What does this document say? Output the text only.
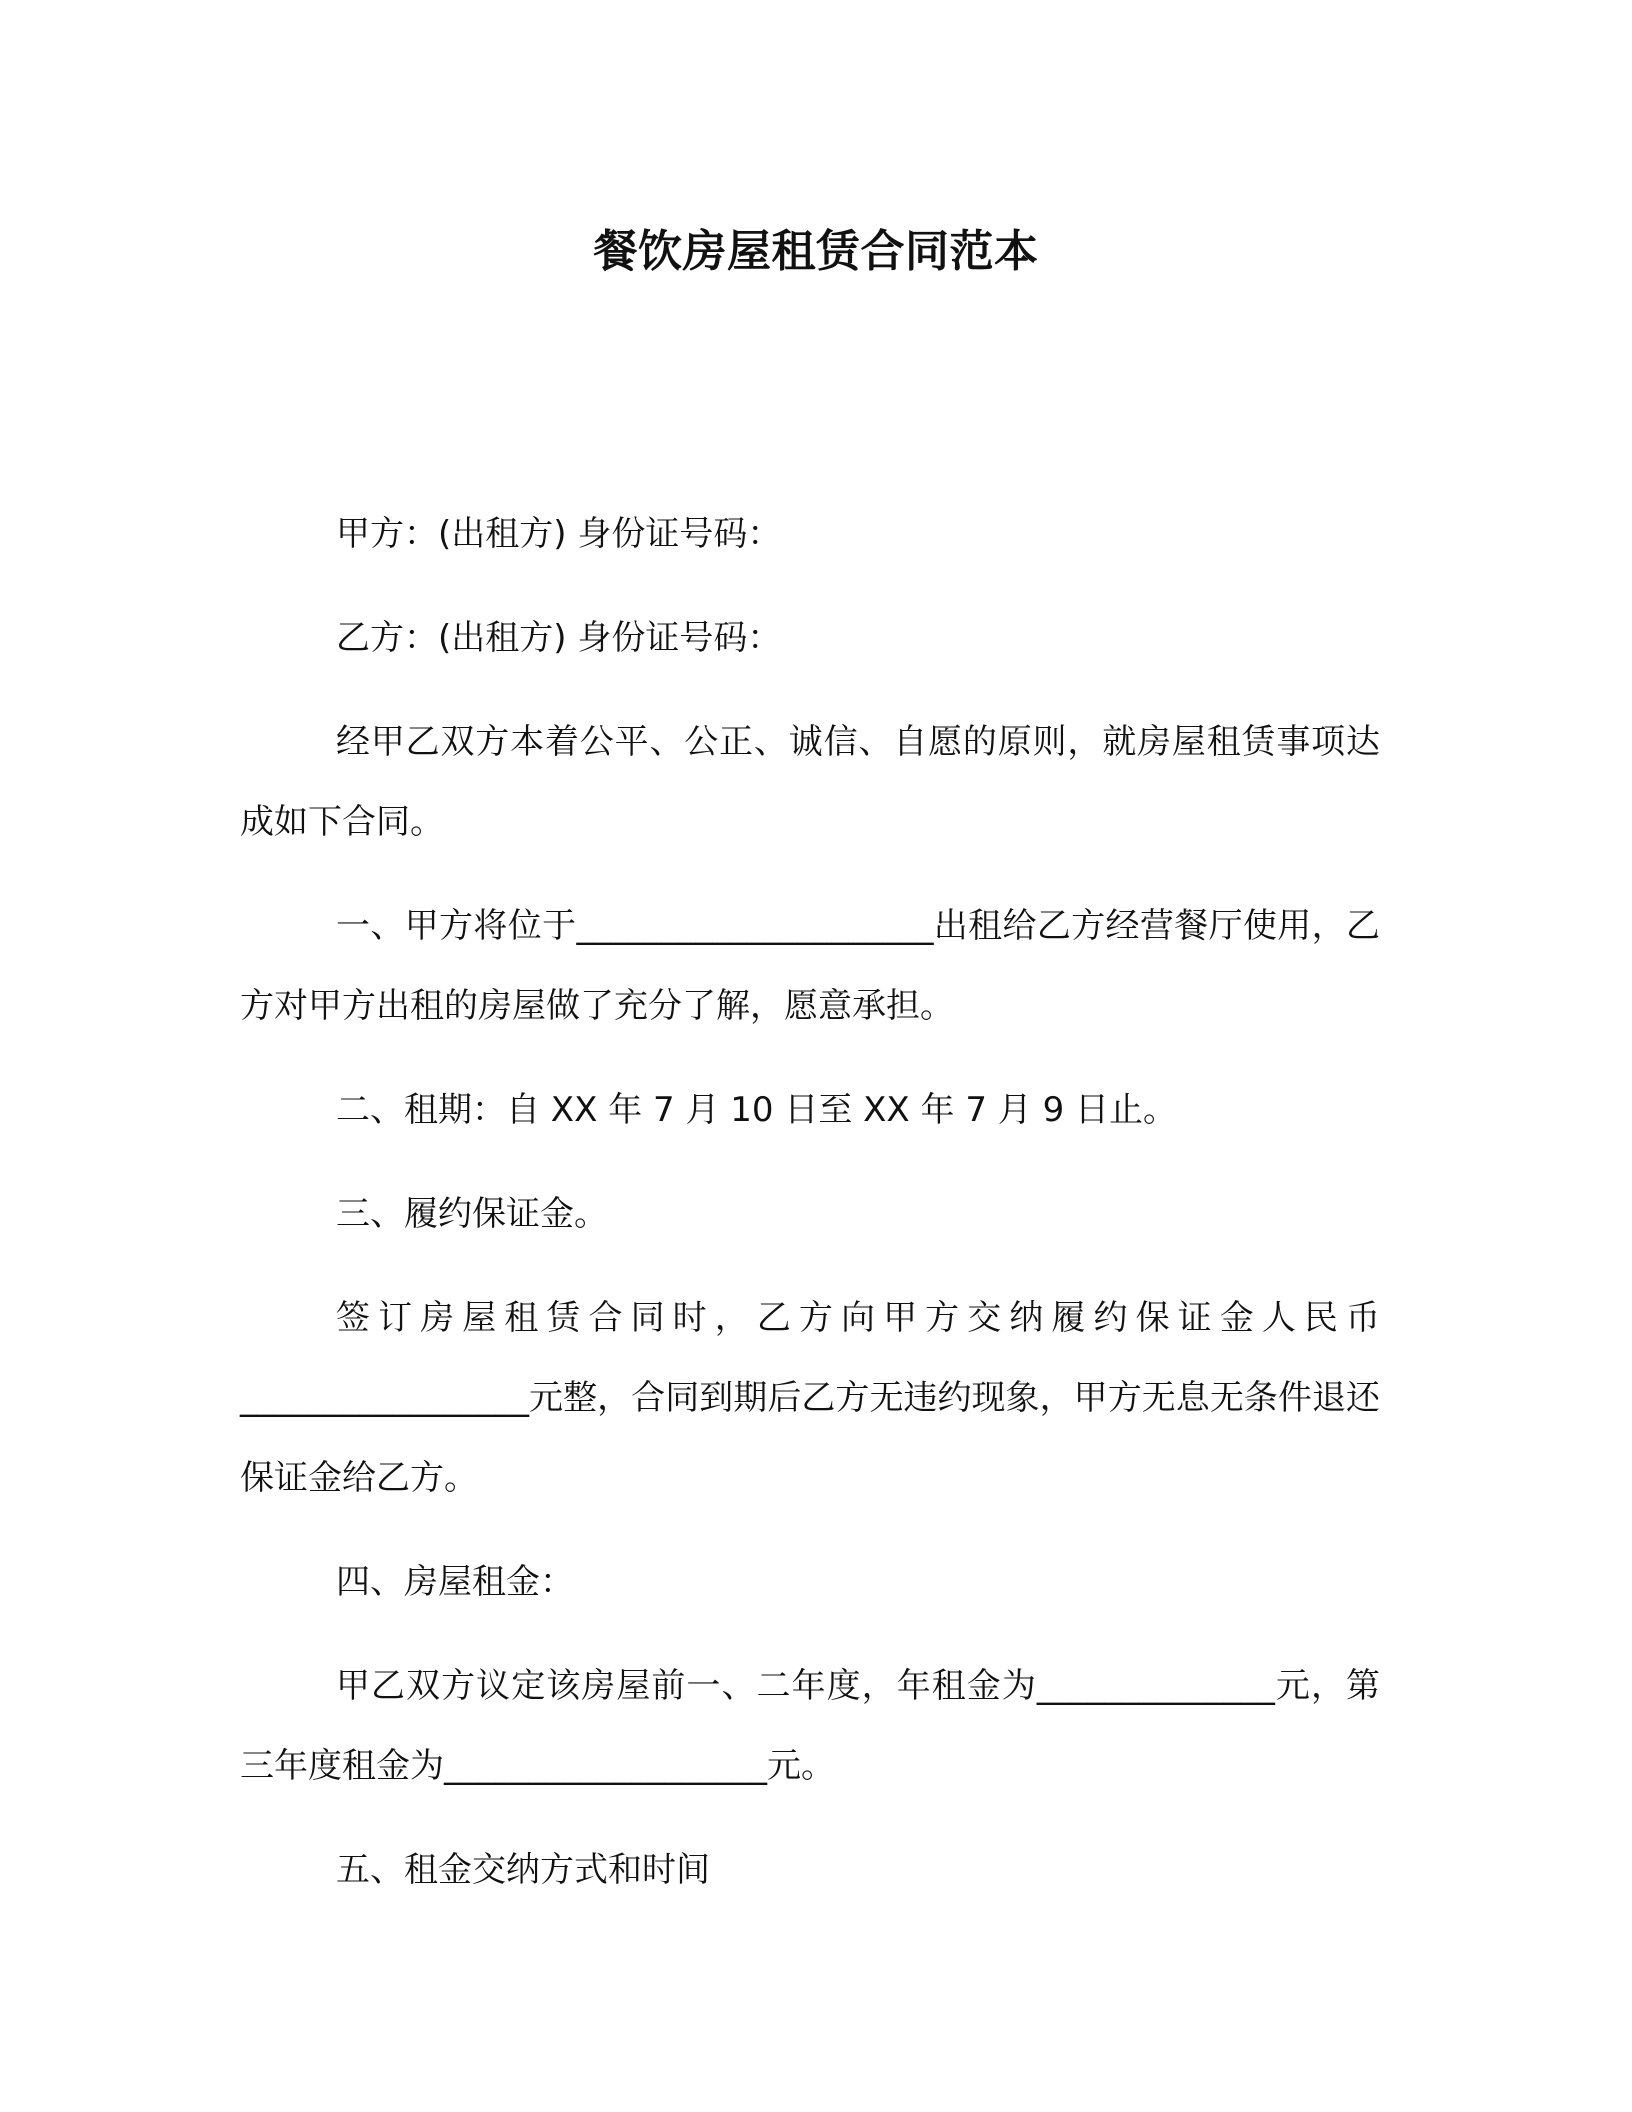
餐饮房屋租赁合同范本

甲方：(出租方) 身份证号码：

乙方：(出租方) 身份证号码：

经甲乙双方本着公平、公正、诚信、自愿的原则，就房屋租赁事项达成如下合同。

一、甲方将位于_____________________出租给乙方经营餐厅使用，乙方对甲方出租的房屋做了充分了解，愿意承担。

二、租期：自 XX 年 7 月 10 日至 XX 年 7 月 9 日止。

三、履约保证金。

签订房屋租赁合同时，乙方向甲方交纳履约保证金人民币_________________元整，合同到期后乙方无违约现象，甲方无息无条件退还保证金给乙方。

四、房屋租金：

甲乙双方议定该房屋前一、二年度，年租金为______________元，第三年度租金为___________________元。

五、租金交纳方式和时间
